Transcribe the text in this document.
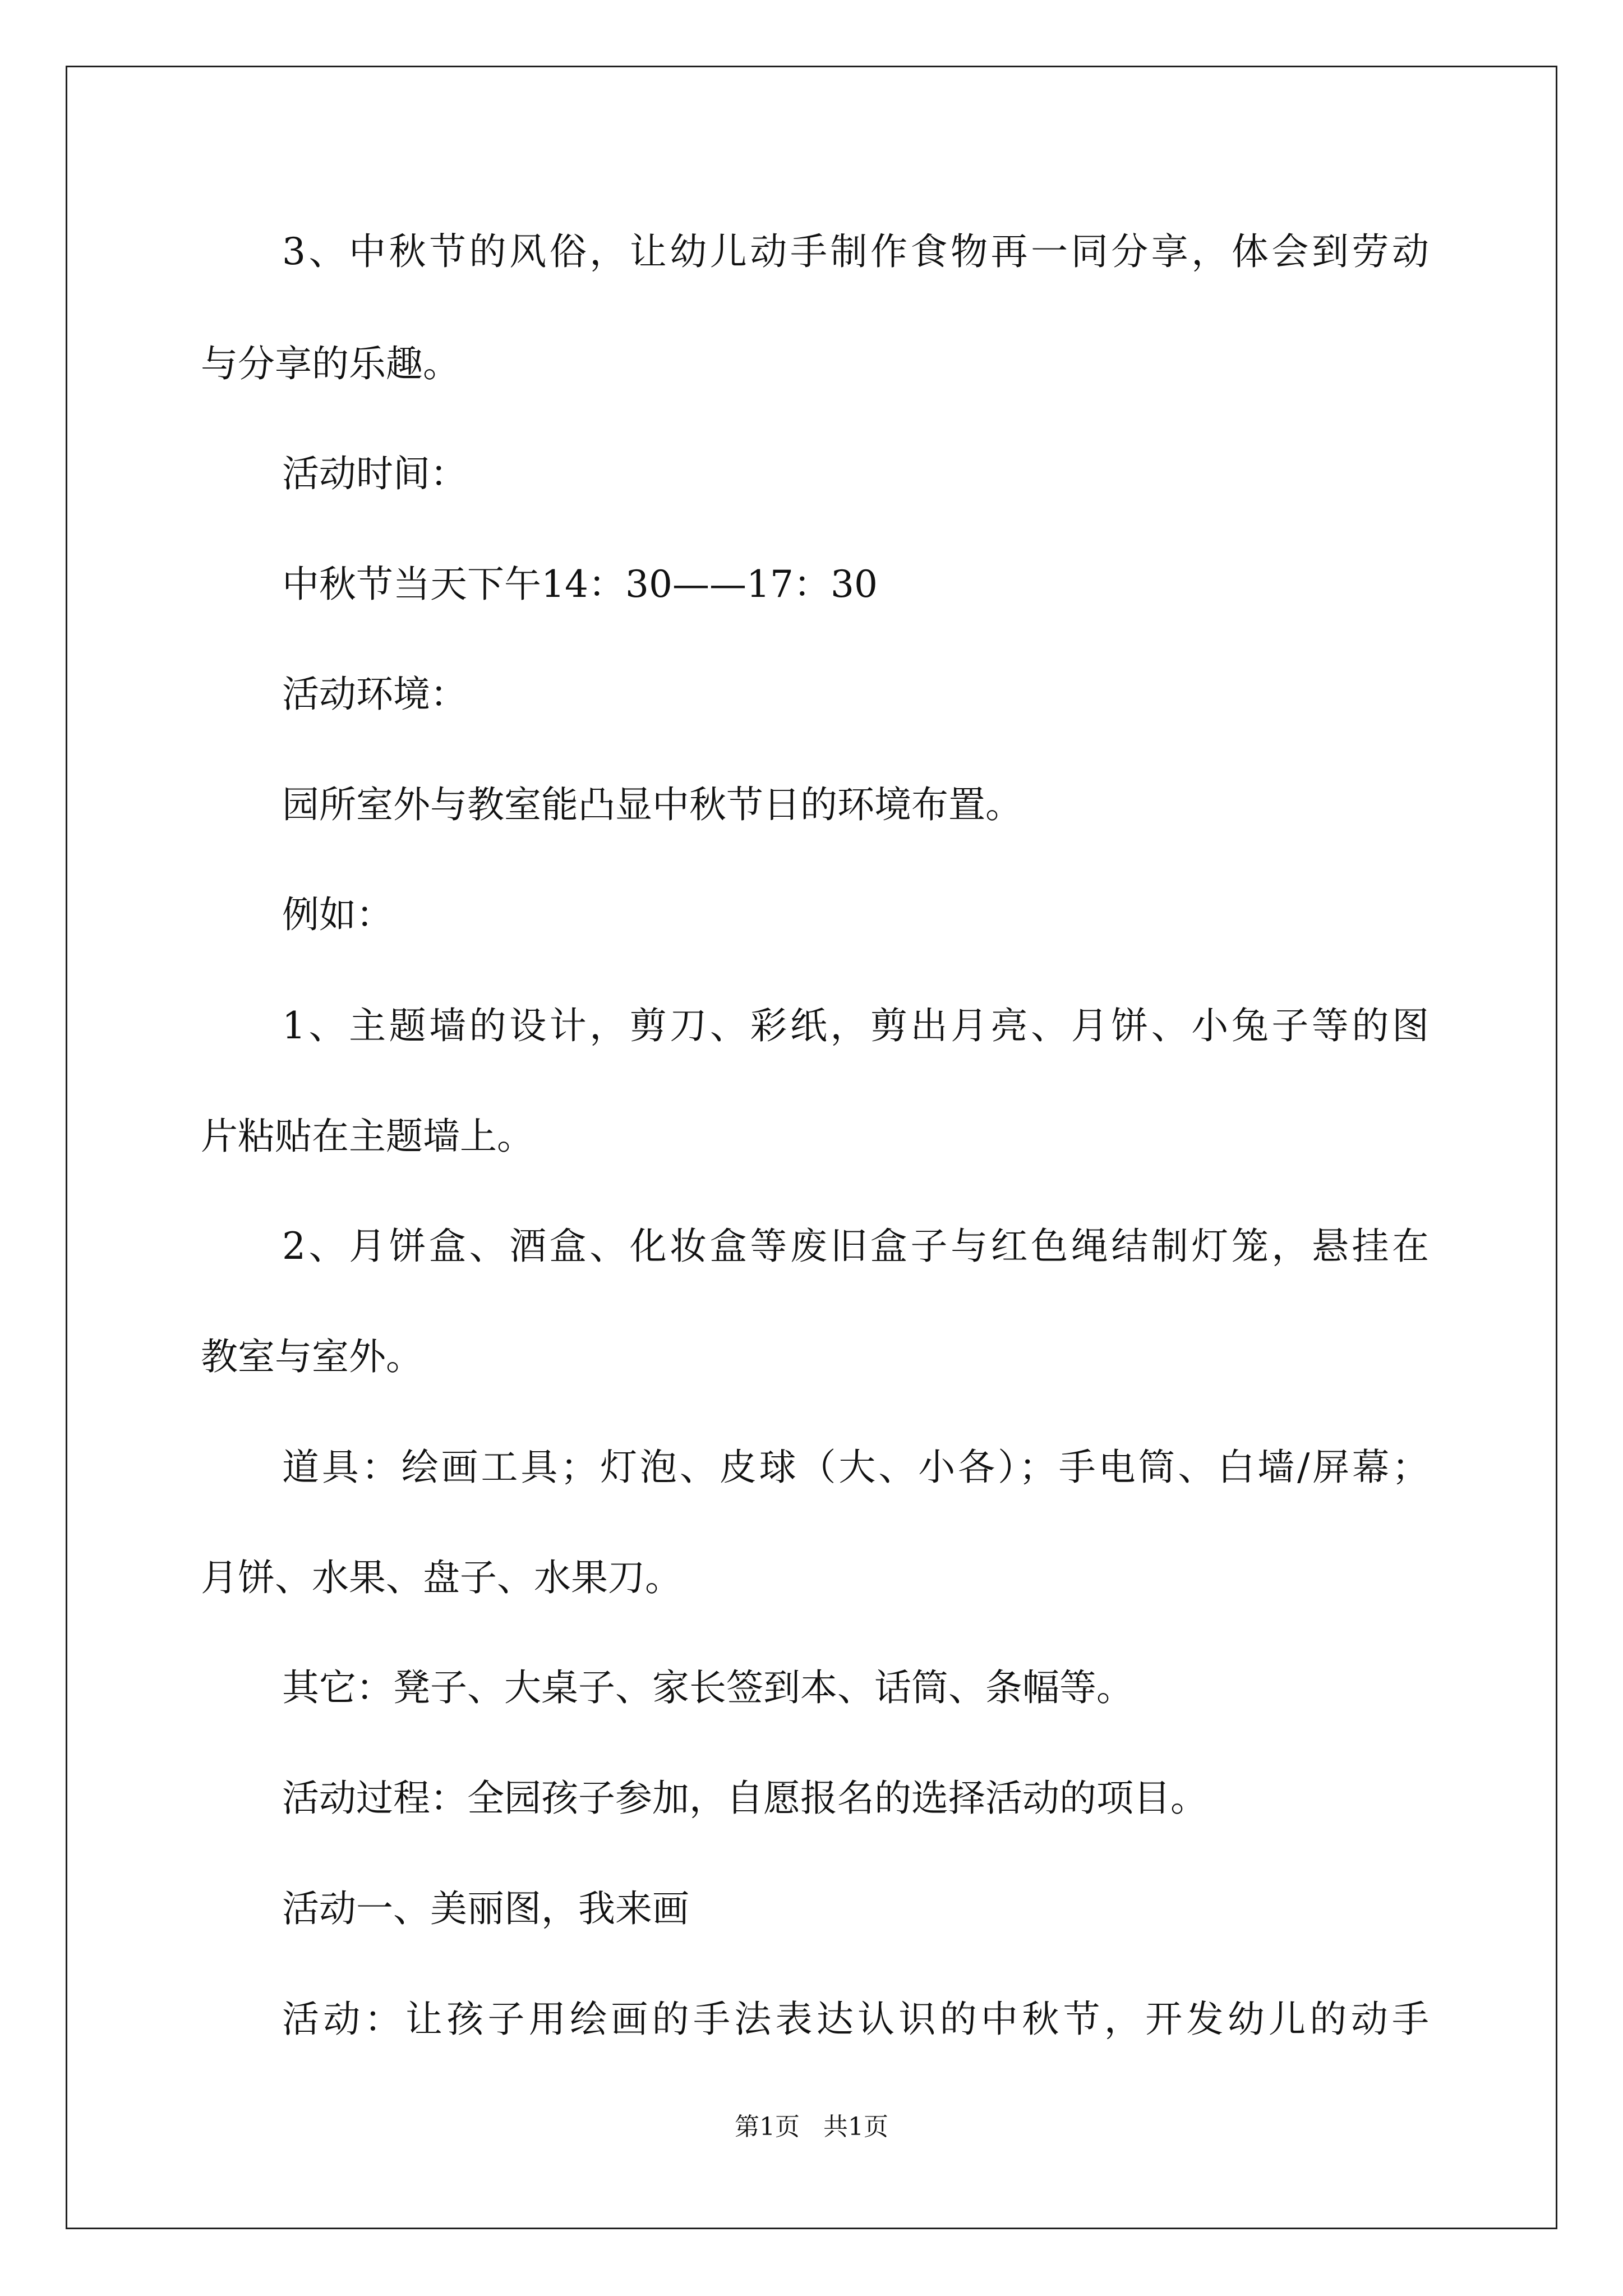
3、中秋节的风俗，让幼儿动手制作食物再一同分享，体会到劳动
与分享的乐趣。
活动时间：
中秋节当天下午14：30——17：30
活动环境：
园所室外与教室能凸显中秋节日的环境布置。
例如：
1、主题墙的设计，剪刀、彩纸，剪出月亮、月饼、小兔子等的图
片粘贴在主题墙上。
2、月饼盒、酒盒、化妆盒等废旧盒子与红色绳结制灯笼，悬挂在
教室与室外。
道具：绘画工具；灯泡、皮球（大、小各）；手电筒、白墙/屏幕；
月饼、水果、盘子、水果刀。
其它：凳子、大桌子、家长签到本、话筒、条幅等。
活动过程：全园孩子参加，自愿报名的选择活动的项目。
活动一、美丽图，我来画
活动：让孩子用绘画的手法表达认识的中秋节，开发幼儿的动手
第1页   共1页
